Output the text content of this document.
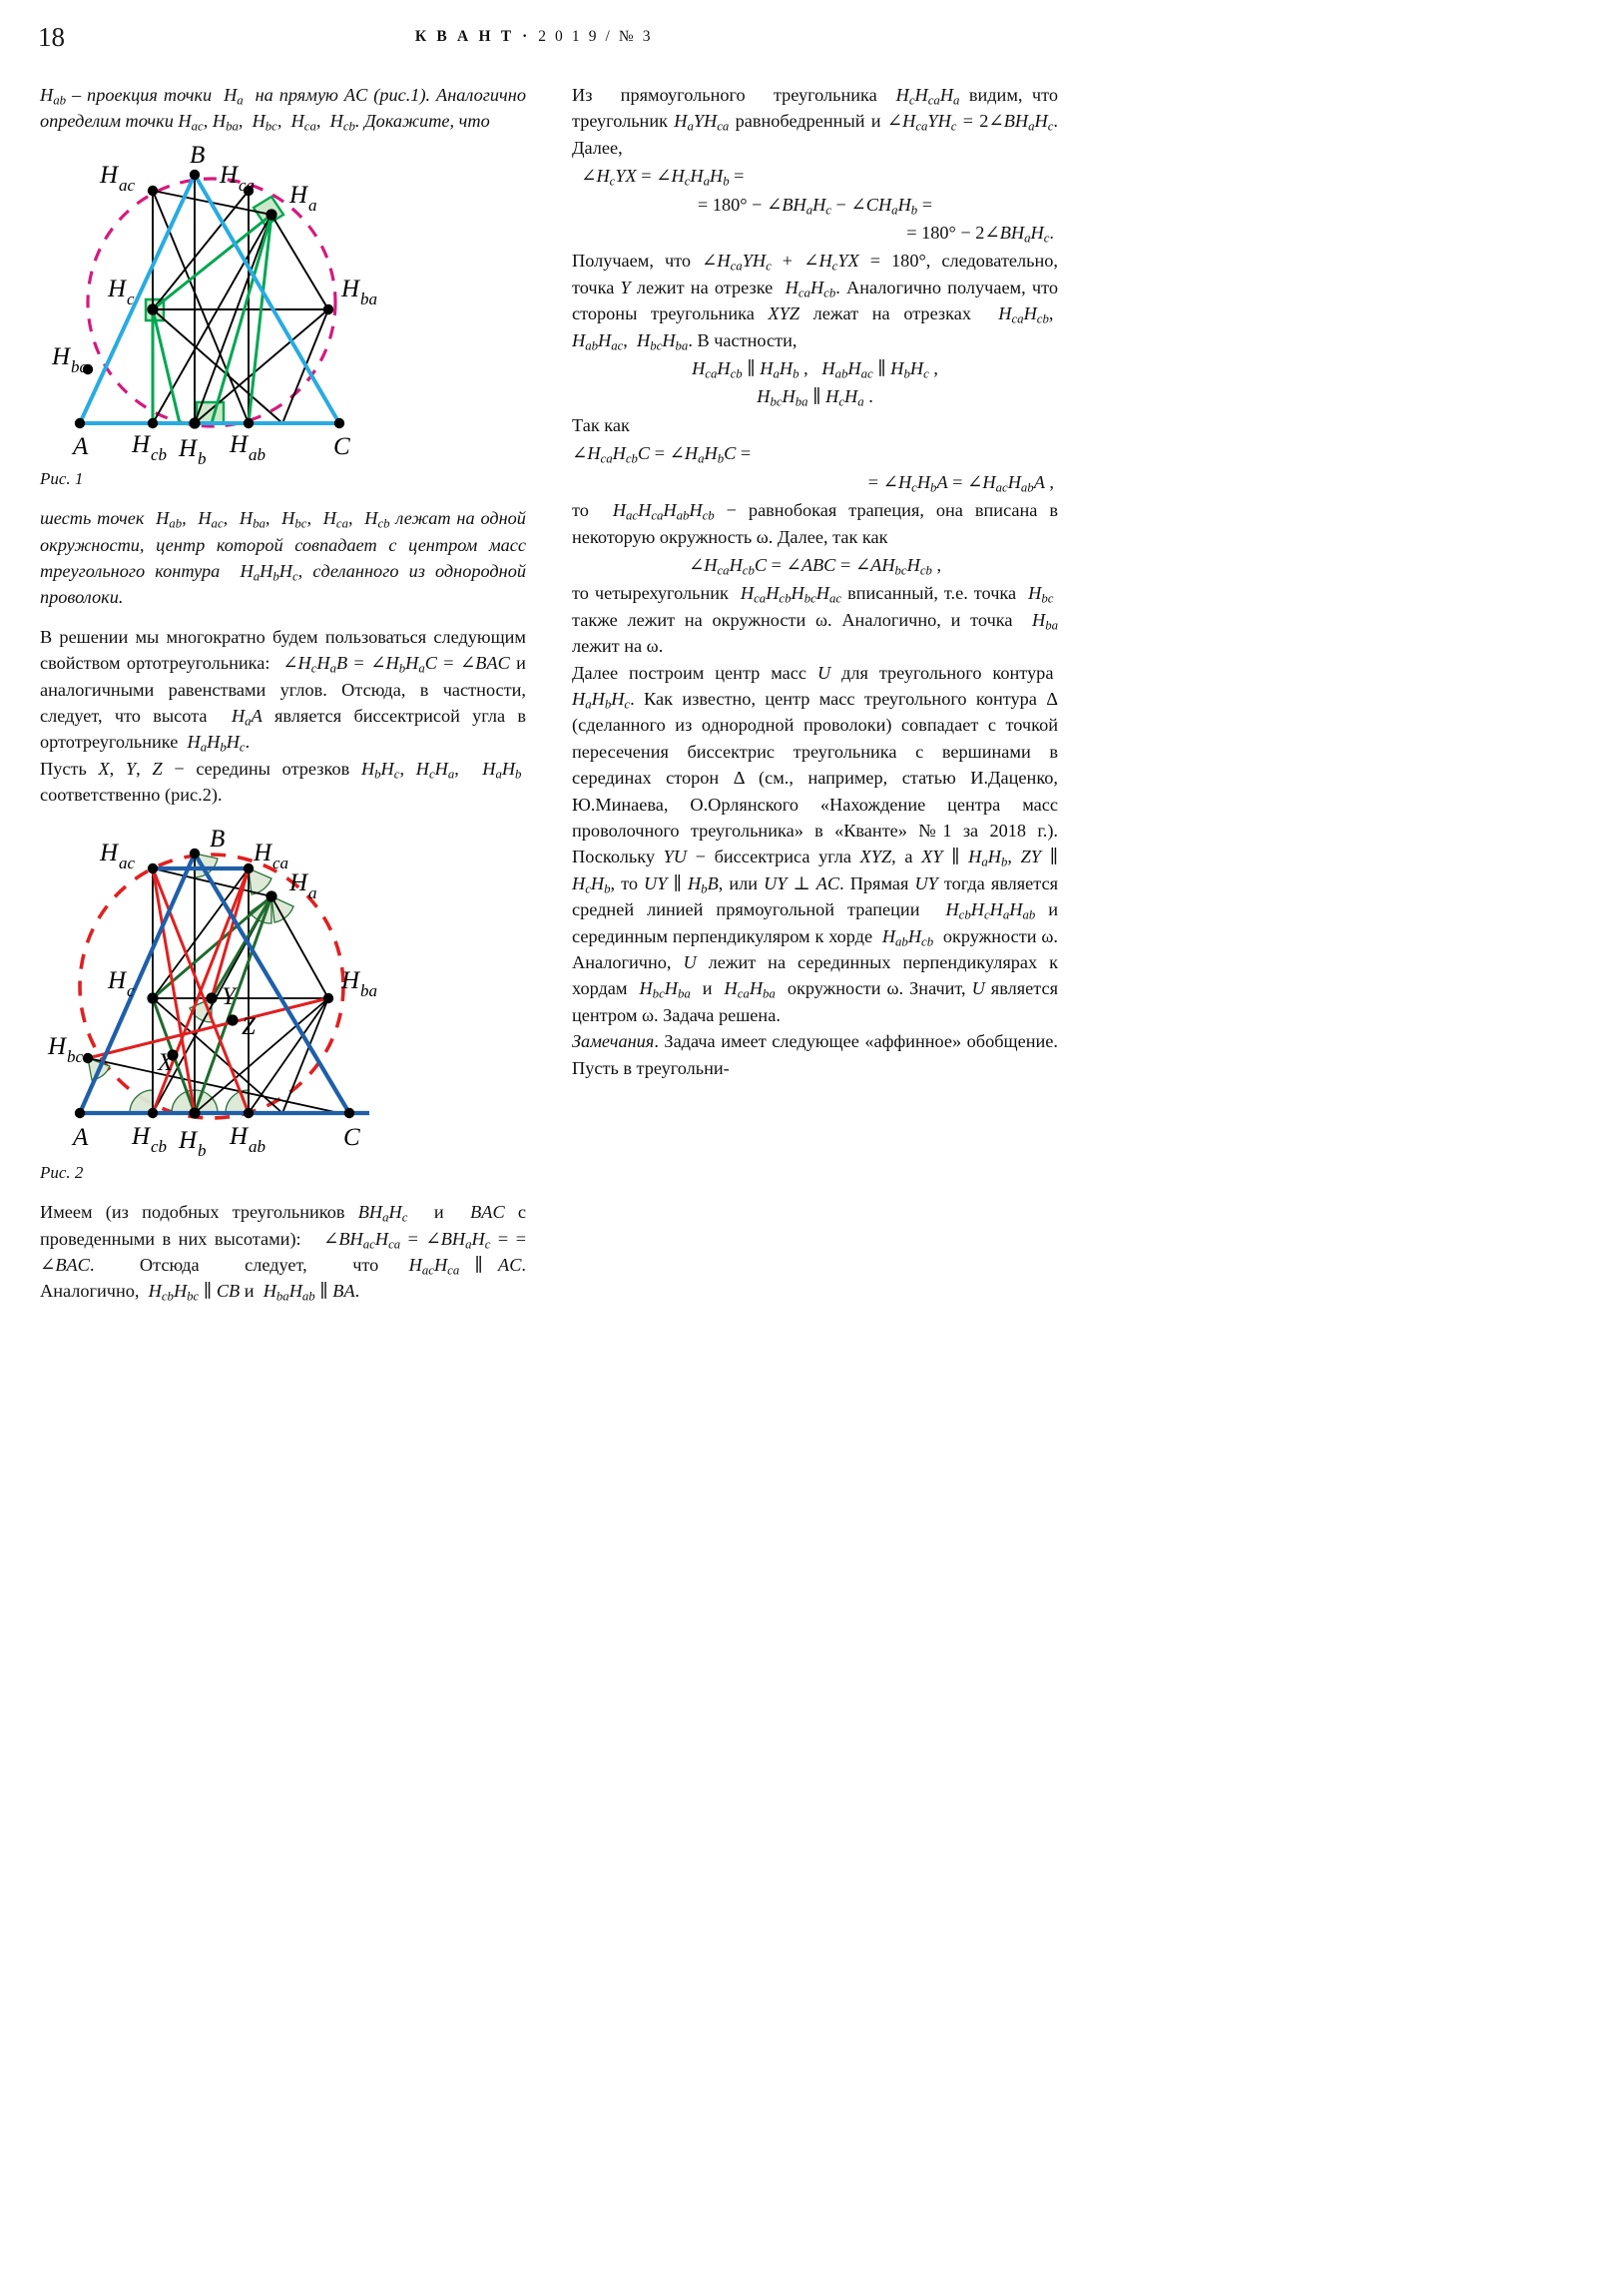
18	К В А Н Т · 2 0 1 9 / № 3

$H_{ab}$ – проекция точки  $H_a$  на прямую AC (рис.1). Аналогично определим точки $H_{ac}$, $H_{ba}$,  $H_{bc}$,  $H_{ca}$,  $H_{cb}$. Докажите, что

B
H ac	H ca H a
H c	H ba
H bc
A	C
H cb H b
H ab
Рис. 1

шесть точек  $H_{ab}$,  $H_{ac}$,  $H_{ba}$,  $H_{bc}$,  $H_{ca}$,  $H_{cb}$ лежат на одной окружности, центр которой совпадает с центром масс треугольного контура  $H_aH_bH_c$, сделанного из однородной проволоки.

В решении мы многократно будем пользоваться следующим свойством ортотреугольника:  $\angle H_cH_aB$ = $\angle H_bH_aC$ = ∠BAC и аналогичными равенствами углов. Отсюда, в частности, следует, что высота  $H_aA$ является биссектрисой угла в ортотреугольнике  $H_aH_bH_c$.

Пусть X, Y, Z − середины отрезков $H_bH_c$, $H_cH_a$,  $H_aH_b$  соответственно (рис.2).

B
H ac	H ca
H a
H c	H ba
H bc
Y
X
Z
A	C
H cb H b
H ab
Рис. 2

Имеем (из подобных треугольников $BH_aH_c$  и  BAC с проведенными в них высотами):   $\angle BH_{ac}H_{ca}$ = $\angle BH_aH_c$ = = ∠BAC.   Отсюда   следует,   что  $H_{ac}H_{ca}$ ∥ AC. Аналогично,  $H_{cb}H_{bc}$ ∥ CB и  $H_{ba}H_{ab}$ ∥ BA.

Из   прямоугольного   треугольника  $H_cH_{ca}H_a$ видим, что треугольник $H_aYH_{ca}$ равнобедренный и $\angle H_{ca}YH_c$ = $2\angle BH_aH_c$. Далее,

$\angle H_cYX$ = $\angle H_cH_aH_b$ =
= $180^\circ - \angle BH_aH_c$ − $\angle CH_aH_b$ =
= $180^\circ - 2\angle BH_aH_c$.

Получаем, что $\angle H_{ca}YH_c$ + $\angle H_cYX = 180^\circ$, следовательно, точка Y лежит на отрезке  $H_{ca}H_{cb}$. Аналогично получаем, что стороны треугольника XYZ лежат на отрезках  $H_{ca}H_{cb}$,  $H_{ab}H_{ac}$,  $H_{bc}H_{ba}$. В частности,

$H_{ca}H_{cb}$ ∥ $H_aH_b$ ,   $H_{ab}H_{ac}$ ∥ $H_bH_c$ ,
$H_{bc}H_{ba}$ ∥ $H_cH_a$ .

Так как

$\angle H_{ca}H_{cb}C$ = $\angle H_aH_bC$ =
= $\angle H_cH_bA$ = $\angle H_{ac}H_{ab}A$ ,

то  $H_{ac}H_{ca}H_{ab}H_{cb}$ − равнобокая трапеция, она вписана в некоторую окружность ω. Далее, так как

$\angle H_{ca}H_{cb}C$ = ∠ABC = $\angle AH_{bc}H_{cb}$ ,

то четырехугольник  $H_{ca}H_{cb}H_{bc}H_{ac}$ вписанный, т.е. точка  $H_{bc}$  также лежит на окружности ω. Аналогично, и точка  $H_{ba}$ лежит на ω.

Далее построим центр масс U для треугольного контура  $H_aH_bH_c$. Как известно, центр масс треугольного контура Δ (сделанного из однородной проволоки) совпадает с точкой пересечения биссектрис треугольника с вершинами в серединах сторон Δ (см., например, статью И.Даценко, Ю.Минаева, О.Орлянского «Нахождение центра масс проволочного треугольника» в «Кванте» №1 за 2018 г.). Поскольку YU − биссектриса угла XYZ, а XY ∥ $H_aH_b$, ZY ∥ $H_cH_b$, то UY ∥ $H_bB$, или UY ⊥ AC. Прямая UY тогда является средней линией прямоугольной трапеции  $H_{cb}H_cH_aH_{ab}$ и серединным перпендикуляром к хорде  $H_{ab}H_{cb}$  окружности ω. Аналогично, U лежит на серединных перпендикулярах к хордам  $H_{bc}H_{ba}$  и  $H_{ca}H_{ba}$  окружности ω. Значит, U является центром ω. Задача решена.

Замечания. Задача имеет следующее «аффинное» обобщение. Пусть в треугольни-
